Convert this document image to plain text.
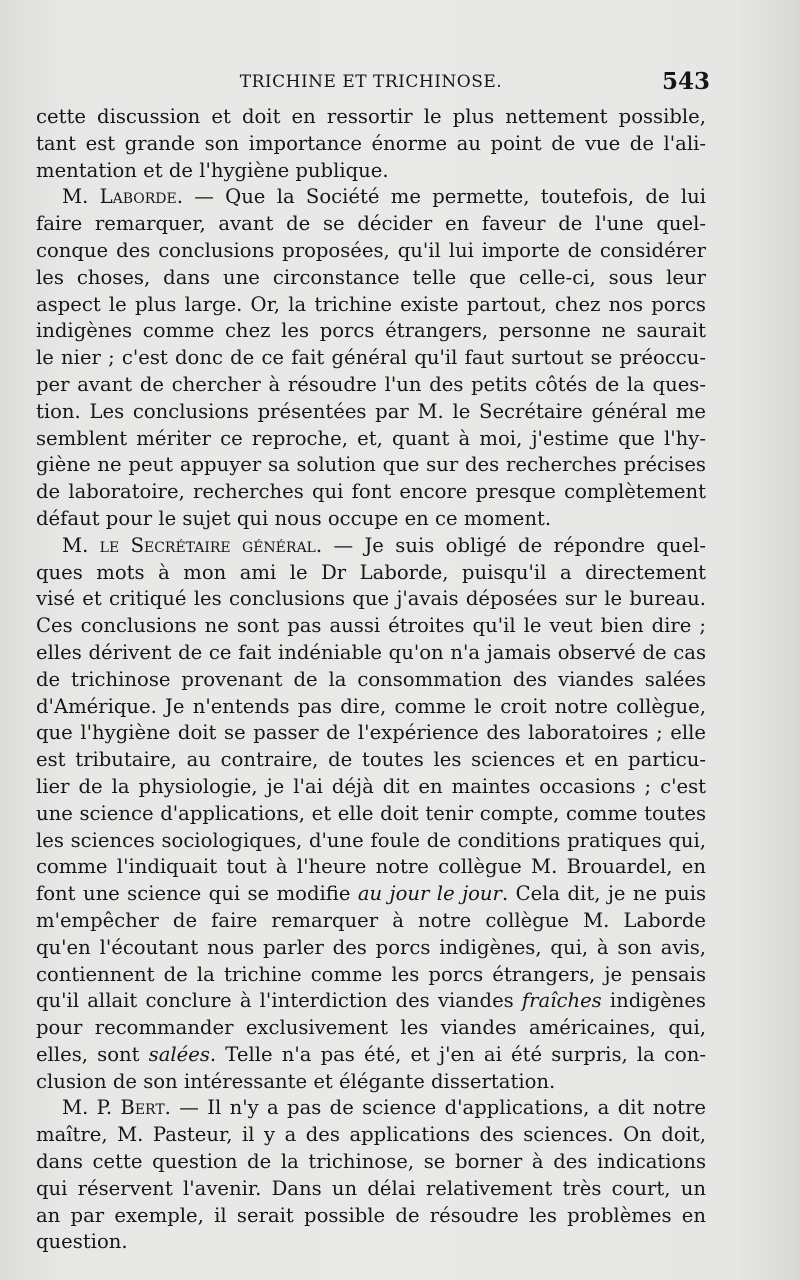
TRICHINE ET TRICHINOSE.	543
cette discussion et doit en ressortir le plus nettement possible,
tant est grande son importance énorme au point de vue de l'ali-
mentation et de l'hygiène publique.
M. Laborde. — Que la Société me permette, toutefois, de lui
faire remarquer, avant de se décider en faveur de l'une quel-
conque des conclusions proposées, qu'il lui importe de considérer
les choses, dans une circonstance telle que celle-ci, sous leur
aspect le plus large. Or, la trichine existe partout, chez nos porcs
indigènes comme chez les porcs étrangers, personne ne saurait
le nier ; c'est donc de ce fait général qu'il faut surtout se préoccu-
per avant de chercher à résoudre l'un des petits côtés de la ques-
tion. Les conclusions présentées par M. le Secrétaire général me
semblent mériter ce reproche, et, quant à moi, j'estime que l'hy-
giène ne peut appuyer sa solution que sur des recherches précises
de laboratoire, recherches qui font encore presque complètement
défaut pour le sujet qui nous occupe en ce moment.
M. le Secrétaire général. — Je suis obligé de répondre quel-
ques mots à mon ami le Dr Laborde, puisqu'il a directement
visé et critiqué les conclusions que j'avais déposées sur le bureau.
Ces conclusions ne sont pas aussi étroites qu'il le veut bien dire ;
elles dérivent de ce fait indéniable qu'on n'a jamais observé de cas
de trichinose provenant de la consommation des viandes salées
d'Amérique. Je n'entends pas dire, comme le croit notre collègue,
que l'hygiène doit se passer de l'expérience des laboratoires ; elle
est tributaire, au contraire, de toutes les sciences et en particu-
lier de la physiologie, je l'ai déjà dit en maintes occasions ; c'est
une science d'applications, et elle doit tenir compte, comme toutes
les sciences sociologiques, d'une foule de conditions pratiques qui,
comme l'indiquait tout à l'heure notre collègue M. Brouardel, en
font une science qui se modifie au jour le jour. Cela dit, je ne puis
m'empêcher de faire remarquer à notre collègue M. Laborde
qu'en l'écoutant nous parler des porcs indigènes, qui, à son avis,
contiennent de la trichine comme les porcs étrangers, je pensais
qu'il allait conclure à l'interdiction des viandes fraîches indigènes
pour recommander exclusivement les viandes américaines, qui,
elles, sont salées. Telle n'a pas été, et j'en ai été surpris, la con-
clusion de son intéressante et élégante dissertation.
M. P. Bert. — Il n'y a pas de science d'applications, a dit notre
maître, M. Pasteur, il y a des applications des sciences. On doit,
dans cette question de la trichinose, se borner à des indications
qui réservent l'avenir. Dans un délai relativement très court, un
an par exemple, il serait possible de résoudre les problèmes en
question.
